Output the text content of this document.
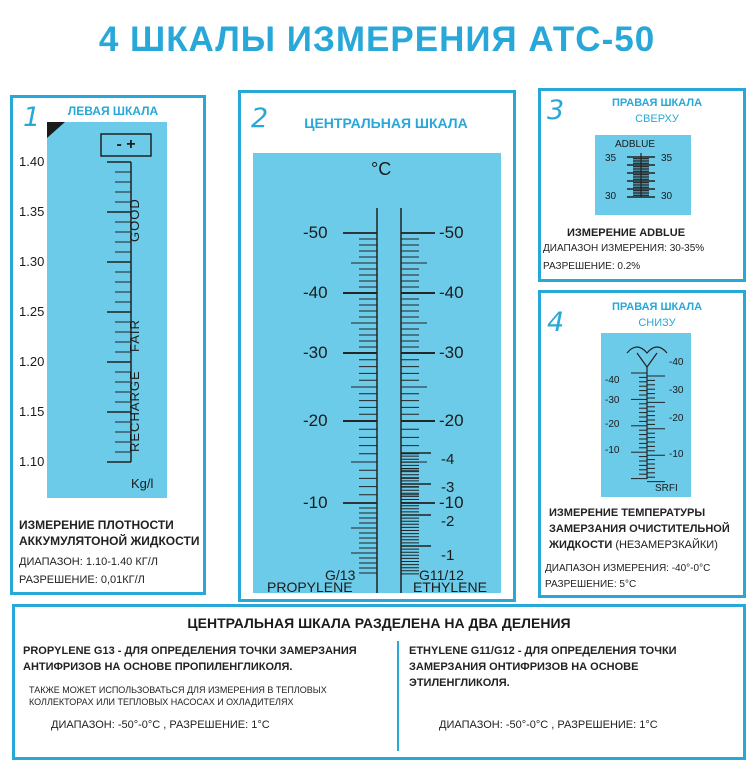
4 ШКАЛЫ ИЗМЕРЕНИЯ АТС-50
1	ЛЕВАЯ ШКАЛА
- +
1.40
1.35
1.30
1.25
1.20
1.15
1.10
GOOD
FAIR
RECHARGE
Kg/l
ИЗМЕРЕНИЕ ПЛОТНОСТИ
АККУМУЛЯТОНОЙ ЖИДКОСТИ
ДИАПАЗОН: 1.10-1.40 КГ/Л
РАЗРЕШЕНИЕ: 0,01КГ/Л
2	ЦЕНТРАЛЬНАЯ ШКАЛА
°C
-50
-40
-30
-20
-10
-50
-40
-30
-20
-10
-4
-3
-2
-1
G/13
PROPYLENE
G11/12
ETHYLENE
3	ПРАВАЯ ШКАЛА
СВЕРХУ
ADBLUE
35	35
30	30
ИЗМЕРЕНИЕ ADBLUE
ДИАПАЗОН ИЗМЕРЕНИЯ: 30-35%
РАЗРЕШЕНИЕ: 0.2%
4	ПРАВАЯ ШКАЛА
СНИЗУ
-40
-30
-20
-10
-40
-30
-20
-10
SRFI
ИЗМЕРЕНИЕ ТЕМПЕРАТУРЫ
ЗАМЕРЗАНИЯ ОЧИСТИТЕЛЬНОЙ
ЖИДКОСТИ (НЕЗАМЕРЗКАЙКИ)
ДИАПАЗОН ИЗМЕРЕНИЯ: -40°-0°С
РАЗРЕШЕНИЕ: 5°С
ЦЕНТРАЛЬНАЯ ШКАЛА РАЗДЕЛЕНА НА ДВА ДЕЛЕНИЯ
PROPYLENE G13 - ДЛЯ ОПРЕДЕЛЕНИЯ ТОЧКИ ЗАМЕРЗАНИЯ
АНТИФРИЗОВ НА ОСНОВЕ ПРОПИЛЕНГЛИКОЛЯ.
ТАКЖЕ МОЖЕТ ИСПОЛЬЗОВАТЬСЯ ДЛЯ ИЗМЕРЕНИЯ В ТЕПЛОВЫХ
КОЛЛЕКТОРАХ ИЛИ ТЕПЛОВЫХ НАСОСАХ И ОХЛАДИТЕЛЯХ
ДИАПАЗОН: -50°-0°С , РАЗРЕШЕНИЕ: 1°С
ETHYLENE G11/G12 - ДЛЯ ОПРЕДЕЛЕНИЯ ТОЧКИ
ЗАМЕРЗАНИЯ ОНТИФРИЗОВ НА ОСНОВЕ
ЭТИЛЕНГЛИКОЛЯ.
ДИАПАЗОН: -50°-0°С , РАЗРЕШЕНИЕ: 1°С
